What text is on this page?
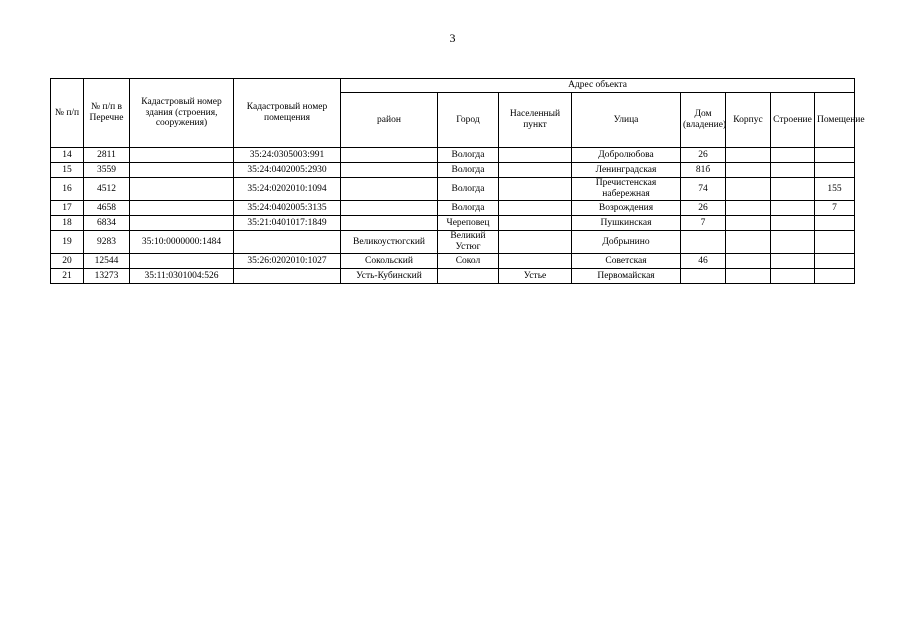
3
№ п/п	№ п/п в Перечне	Кадастровый номер здания (строения, сооружения)	Кадастровый номер помещения	Адрес объекта							
				район	Город	Населенный пункт	Улица	Дом (владение)	Корпус	Строение	Помещение
14	2811		35:24:0305003:991		Вологда		Добролюбова	26			
15	3559		35:24:0402005:2930		Вологда		Ленинградская	81б			
16	4512		35:24:0202010:1094		Вологда		Пречистенская набережная	74			155
17	4658		35:24:0402005:3135		Вологда		Возрождения	26			7
18	6834		35:21:0401017:1849		Череповец		Пушкинская	7			
19	9283	35:10:0000000:1484		Великоустюгский	Великий Устюг		Добрынино				
20	12544		35:26:0202010:1027	Сокольский	Сокол		Советская	46			
21	13273	35:11:0301004:526		Усть-Кубинский		Устье	Первомайская				
